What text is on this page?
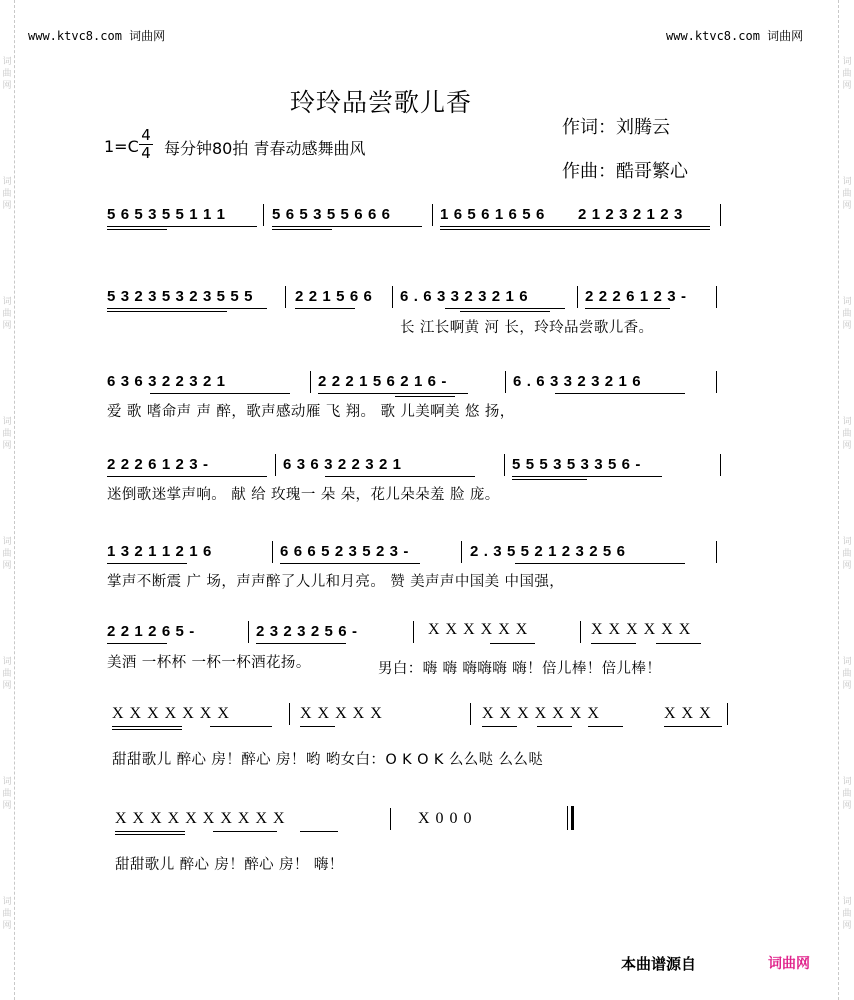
词曲网
词曲网
词曲网
词曲网
词曲网
词曲网
词曲网
词曲网
词曲网
词曲网
词曲网
词曲网
词曲网
词曲网
词曲网
词曲网
www.ktvc8.com 词曲网	www.ktvc8.com 词曲网
玲玲品尝歌儿香
作词：刘腾云
作曲：酷哥繁心
1=C
4
4 每分钟80拍 青春动感舞曲风
5 6 5 3 5 5 1 1 1	5 6 5 3 5 5 6 6 6	1 6 5 6 1 6 5 6 2 1 2 3 2 1 2 3
5 3 2 3 5 3 2 3 5 5 5	2 2 1 5 6 6 6 . 6 3 3 2 3 2 1 6	2 2 2 6 1 2 3 -
长 江长啊黄 河 长，玲玲品尝歌儿香。
6 3 6 3 2 2 3 2 1	2 2 2 1 5 6 2 1 6 -	6 . 6 3 3 2 3 2 1 6
爱 歌 嗜命声 声 醉，歌声感动雁 飞 翔。 歌 儿美啊美 悠 扬，
2 2 2 6 1 2 3 -	6 3 6 3 2 2 3 2 1	5 5 5 3 5 3 3 5 6 -
迷倒歌迷掌声响。 献 给 玫瑰一 朵 朵，花儿朵朵羞 脸 庞。
1 3 2 1 1 2 1 6	6 6 6 5 2 3 5 2 3 -	2 . 3 5 5 2 1 2 3 2 5 6
掌声不断震 广 场，声声醉了人儿和月亮。 赞 美声声中国美 中国强，
2 2 1 2 6 5 -	2 3 2 3 2 5 6 -	X X X X X X	X X X X X X
美酒 一杯杯 一杯一杯酒花扬。	男白：嗨 嗨 嗨嗨嗨 嗨！倍儿棒！倍儿棒！
X X X X X X X	X X X X X	X X X X X X X	X X X
甜甜歌儿 醉心 房！醉心 房！哟 哟女白：O K O K 么么哒 么么哒
X X X X X X X X X X	X 0 0 0
甜甜歌儿 醉心 房！醉心 房！ 嗨！
本曲谱源自	词曲网
